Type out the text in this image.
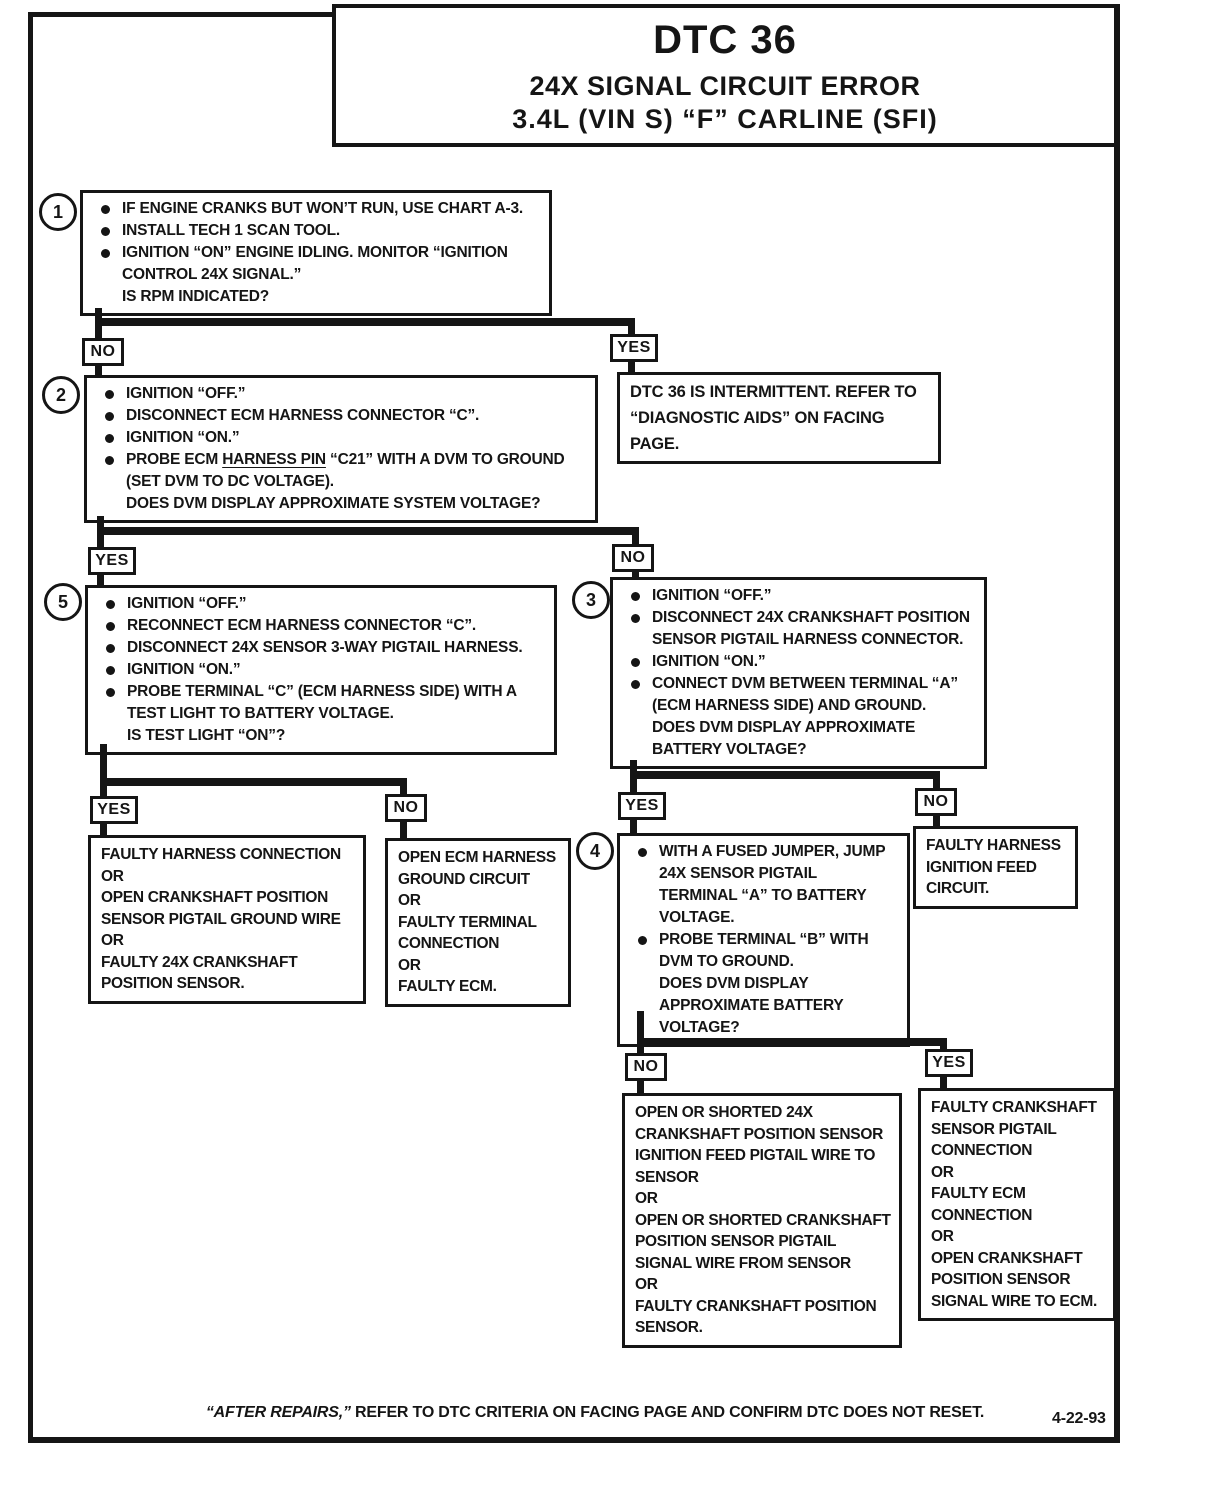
DTC 36
24X SIGNAL CIRCUIT ERROR
3.4L (VIN S) “F” CARLINE (SFI)
1	IF ENGINE CRANKS BUT WON’T RUN, USE CHART A-3.
INSTALL TECH 1 SCAN TOOL.
IGNITION “ON” ENGINE IDLING. MONITOR “IGNITION CONTROL 24X SIGNAL.”
IS RPM INDICATED?
NO	YES
2	IGNITION “OFF.”
DISCONNECT ECM HARNESS CONNECTOR “C”.
IGNITION “ON.”
PROBE ECM HARNESS PIN “C21” WITH A DVM TO GROUND (SET DVM TO DC VOLTAGE).
DOES DVM DISPLAY APPROXIMATE SYSTEM VOLTAGE?
DTC 36 IS INTERMITTENT. REFER TO
“DIAGNOSTIC AIDS” ON FACING PAGE.
YES	NO
5	IGNITION “OFF.”
RECONNECT ECM HARNESS CONNECTOR “C”.
DISCONNECT 24X SENSOR 3-WAY PIGTAIL HARNESS.
IGNITION “ON.”
PROBE TERMINAL “C” (ECM HARNESS SIDE) WITH A TEST LIGHT TO BATTERY VOLTAGE.
IS TEST LIGHT “ON”?
3	IGNITION “OFF.”
DISCONNECT 24X CRANKSHAFT POSITION SENSOR PIGTAIL HARNESS CONNECTOR.
IGNITION “ON.”
CONNECT DVM BETWEEN TERMINAL “A” (ECM HARNESS SIDE) AND GROUND.
DOES DVM DISPLAY APPROXIMATE BATTERY VOLTAGE?
YES	NO
FAULTY HARNESS CONNECTION
OR
OPEN CRANKSHAFT POSITION
SENSOR PIGTAIL GROUND WIRE
OR
FAULTY 24X CRANKSHAFT
POSITION SENSOR.
OPEN ECM HARNESS
GROUND CIRCUIT
OR
FAULTY TERMINAL
CONNECTION
OR
FAULTY ECM.
YES	NO
4	WITH A FUSED JUMPER, JUMP 24X SENSOR PIGTAIL TERMINAL “A” TO BATTERY VOLTAGE.
PROBE TERMINAL “B” WITH DVM TO GROUND.
DOES DVM DISPLAY APPROXIMATE BATTERY VOLTAGE?
FAULTY HARNESS
IGNITION FEED
CIRCUIT.
NO	YES
OPEN OR SHORTED 24X
CRANKSHAFT POSITION SENSOR
IGNITION FEED PIGTAIL WIRE TO
SENSOR
OR
OPEN OR SHORTED CRANKSHAFT
POSITION SENSOR PIGTAIL
SIGNAL WIRE FROM SENSOR
OR
FAULTY CRANKSHAFT POSITION
SENSOR.
FAULTY CRANKSHAFT
SENSOR PIGTAIL
CONNECTION
OR
FAULTY ECM
CONNECTION
OR
OPEN CRANKSHAFT
POSITION SENSOR
SIGNAL WIRE TO ECM.
“AFTER REPAIRS,” REFER TO DTC CRITERIA ON FACING PAGE AND CONFIRM DTC DOES NOT RESET.	4-22-93
